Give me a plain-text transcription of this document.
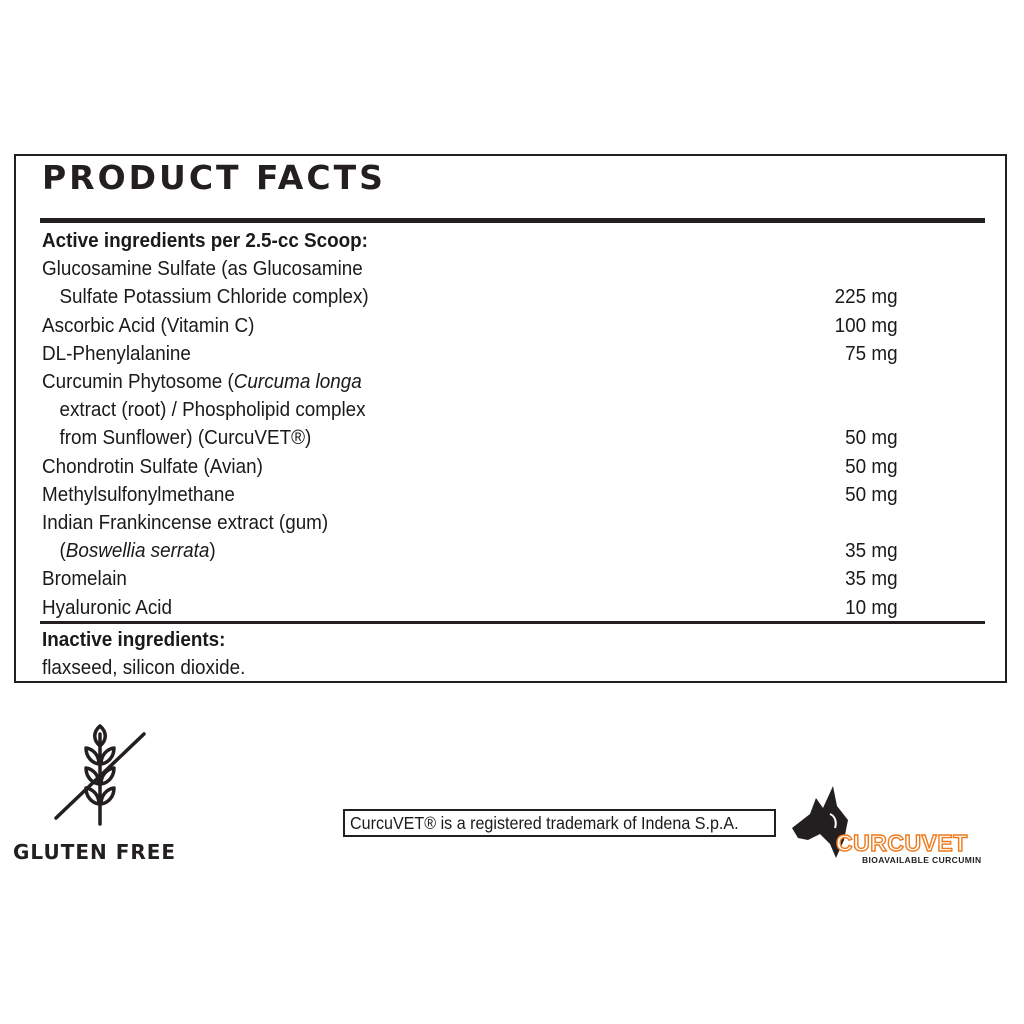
PRODUCT FACTS
Active ingredients per 2.5-cc Scoop:
Glucosamine Sulfate (as Glucosamine
Sulfate Potassium Chloride complex)	225 mg
Ascorbic Acid (Vitamin C)	100 mg
DL-Phenylalanine	75 mg
Curcumin Phytosome (Curcuma longa
extract (root) / Phospholipid complex
from Sunflower) (CurcuVET®)	50 mg
Chondrotin Sulfate (Avian)	50 mg
Methylsulfonylmethane	50 mg
Indian Frankincense extract (gum)
(Boswellia serrata)	35 mg
Bromelain	35 mg
Hyaluronic Acid	10 mg
Inactive ingredients:
flaxseed, silicon dioxide.
GLUTEN FREE
CurcuVET® is a registered trademark of Indena S.p.A.
CURCUVET
BIOAVAILABLE CURCUMIN
